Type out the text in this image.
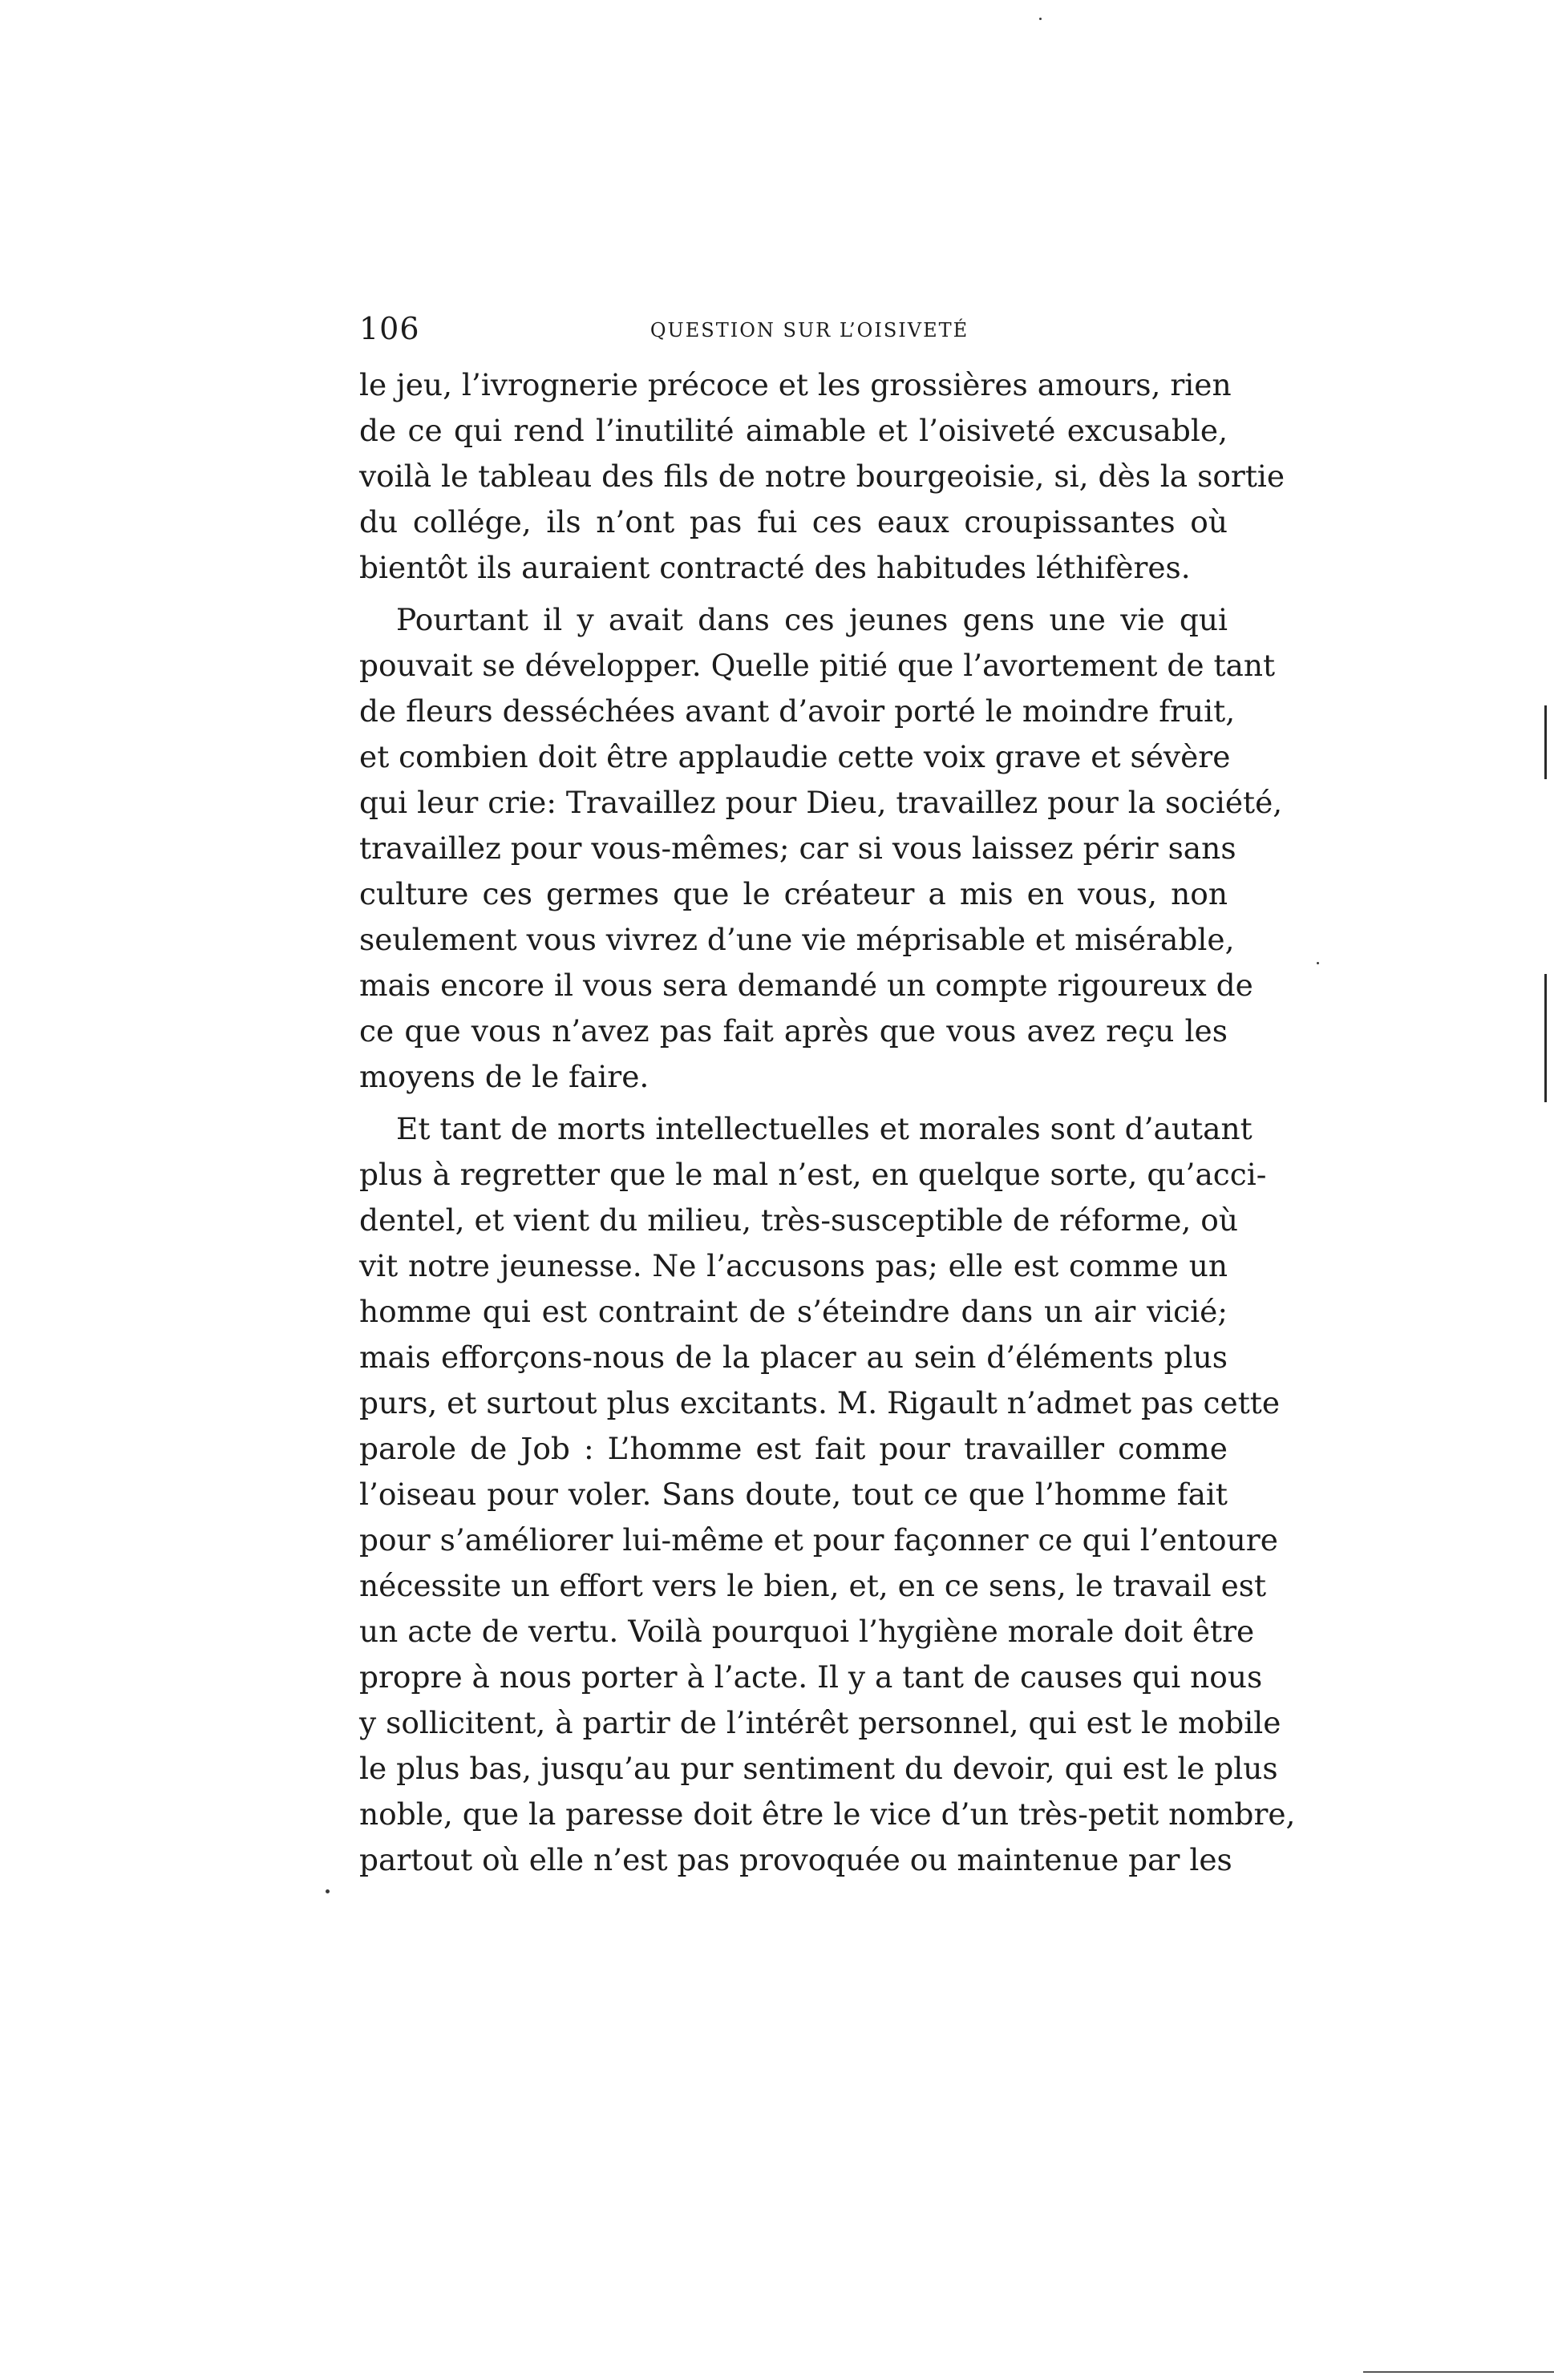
106	QUESTION SUR L’OISIVETÉ
le jeu, l’ivrognerie précoce et les grossières amours, rien
de ce qui rend l’inutilité aimable et l’oisiveté excusable,
voilà le tableau des fils de notre bourgeoisie, si, dès la sortie
du collége, ils n’ont pas fui ces eaux croupissantes où
bientôt ils auraient contracté des habitudes léthifères.
Pourtant il y avait dans ces jeunes gens une vie qui
pouvait se développer. Quelle pitié que l’avortement de tant
de fleurs desséchées avant d’avoir porté le moindre fruit,
et combien doit être applaudie cette voix grave et sévère
qui leur crie: Travaillez pour Dieu, travaillez pour la société,
travaillez pour vous-mêmes; car si vous laissez périr sans
culture ces germes que le créateur a mis en vous, non
seulement vous vivrez d’une vie méprisable et misérable,
mais encore il vous sera demandé un compte rigoureux de
ce que vous n’avez pas fait après que vous avez reçu les
moyens de le faire.
Et tant de morts intellectuelles et morales sont d’autant
plus à regretter que le mal n’est, en quelque sorte, qu’acci-
dentel, et vient du milieu, très-susceptible de réforme, où
vit notre jeunesse. Ne l’accusons pas; elle est comme un
homme qui est contraint de s’éteindre dans un air vicié;
mais efforçons-nous de la placer au sein d’éléments plus
purs, et surtout plus excitants. M. Rigault n’admet pas cette
parole de Job : L’homme est fait pour travailler comme
l’oiseau pour voler. Sans doute, tout ce que l’homme fait
pour s’améliorer lui-même et pour façonner ce qui l’entoure
nécessite un effort vers le bien, et, en ce sens, le travail est
un acte de vertu. Voilà pourquoi l’hygiène morale doit être
propre à nous porter à l’acte. Il y a tant de causes qui nous
y sollicitent, à partir de l’intérêt personnel, qui est le mobile
le plus bas, jusqu’au pur sentiment du devoir, qui est le plus
noble, que la paresse doit être le vice d’un très-petit nombre,
partout où elle n’est pas provoquée ou maintenue par les
